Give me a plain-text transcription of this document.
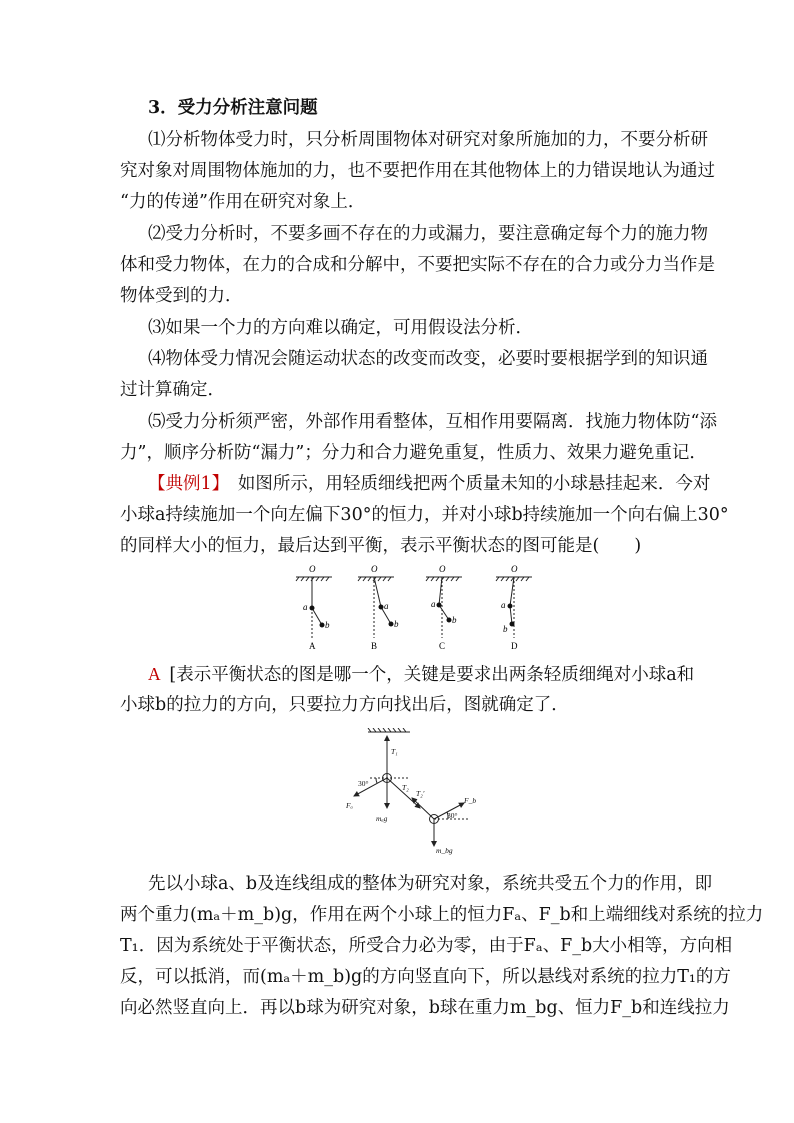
3．受力分析注意问题
⑴分析物体受力时，只分析周围物体对研究对象所施加的力，不要分析研
究对象对周围物体施加的力，也不要把作用在其他物体上的力错误地认为通过
“力的传递”作用在研究对象上．
⑵受力分析时，不要多画不存在的力或漏力，要注意确定每个力的施力物
体和受力物体，在力的合成和分解中，不要把实际不存在的合力或分力当作是
物体受到的力．
⑶如果一个力的方向难以确定，可用假设法分析．
⑷物体受力情况会随运动状态的改变而改变，必要时要根据学到的知识通
过计算确定．
⑸受力分析须严密，外部作用看整体，互相作用要隔离．找施力物体防“添
力”，顺序分析防“漏力”；分力和合力避免重复，性质力、效果力避免重记．
【典例1】　如图所示，用轻质细线把两个质量未知的小球悬挂起来．今对
小球a持续施加一个向左偏下30°的恒力，并对小球b持续施加一个向右偏上30°
的同样大小的恒力，最后达到平衡，表示平衡状态的图可能是(　　)
O	O	O	O
a
b
a
b
a
b
a
b
A	B	C	D
A  [表示平衡状态的图是哪一个，关键是要求出两条轻质细绳对小球a和
小球b的拉力的方向，只要拉力方向找出后，图就确定了．
T₁
30°
Fₐ
mₐg
T₂
T₂′
F_b
30°
m_bg
先以小球a、b及连线组成的整体为研究对象，系统共受五个力的作用，即
两个重力(mₐ＋m_b)g，作用在两个小球上的恒力Fₐ、F_b和上端细线对系统的拉力
T₁．因为系统处于平衡状态，所受合力必为零，由于Fₐ、F_b大小相等，方向相
反，可以抵消，而(mₐ＋m_b)g的方向竖直向下，所以悬线对系统的拉力T₁的方
向必然竖直向上．再以b球为研究对象，b球在重力m_bg、恒力F_b和连线拉力
